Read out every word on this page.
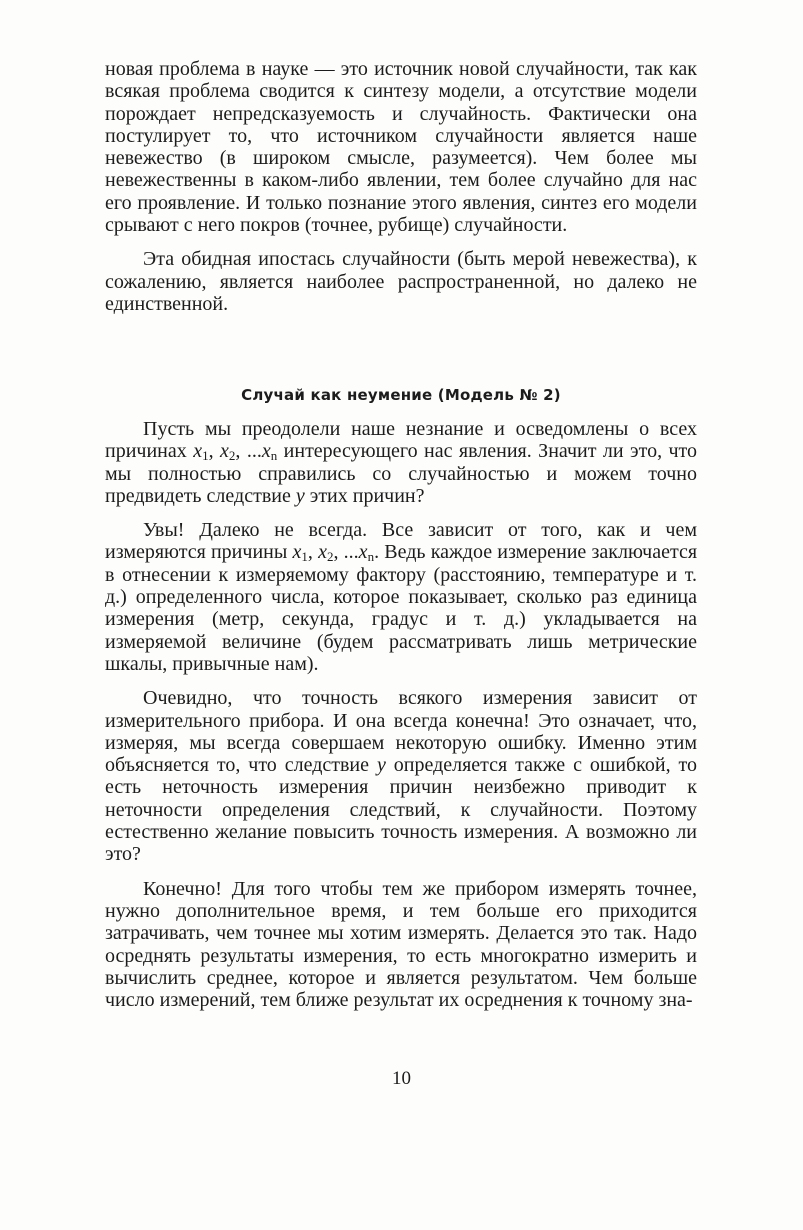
новая проблема в науке — это источник новой случайности, так как всякая проблема сводится к синтезу модели, а отсутствие модели порождает непредсказуемость и случайность. Фактически она постулирует то, что источником случайности является наше невежество (в широком смысле, разумеется). Чем более мы невежественны в каком-либо явлении, тем более случайно для нас его проявление. И только познание этого явления, синтез его модели срывают с него покров (точнее, рубище) случайности.

Эта обидная ипостась случайности (быть мерой невежества), к сожалению, является наиболее распространенной, но далеко не единственной.

Случай как неумение (Модель № 2)

Пусть мы преодолели наше незнание и осведомлены о всех причинах $x_1$, $x_2$, $...x_n$ интересующего нас явления. Значит ли это, что мы полностью справились со случайностью и можем точно предвидеть следствие y этих причин?

Увы! Далеко не всегда. Все зависит от того, как и чем измеряются причины $x_1$, $x_2$, $...x_n$. Ведь каждое измерение заключается в отнесении к измеряемому фактору (расстоянию, температуре и т. д.) определенного числа, которое показывает, сколько раз единица измерения (метр, секунда, градус и т. д.) укладывается на измеряемой величине (будем рассматривать лишь метрические шкалы, привычные нам).

Очевидно, что точность всякого измерения зависит от измерительного прибора. И она всегда конечна! Это означает, что, измеряя, мы всегда совершаем некоторую ошибку. Именно этим объясняется то, что следствие y определяется также с ошибкой, то есть неточность измерения причин неизбежно приводит к неточности определения следствий, к случайности. Поэтому естественно желание повысить точность измерения. А возможно ли это?

Конечно! Для того чтобы тем же прибором измерять точнее, нужно дополнительное время, и тем больше его приходится затрачивать, чем точнее мы хотим измерять. Делается это так. Надо осреднять результаты измерения, то есть многократно измерить и вычислить среднее, которое и является результатом. Чем больше число измерений, тем ближе результат их осреднения к точному зна-

10
